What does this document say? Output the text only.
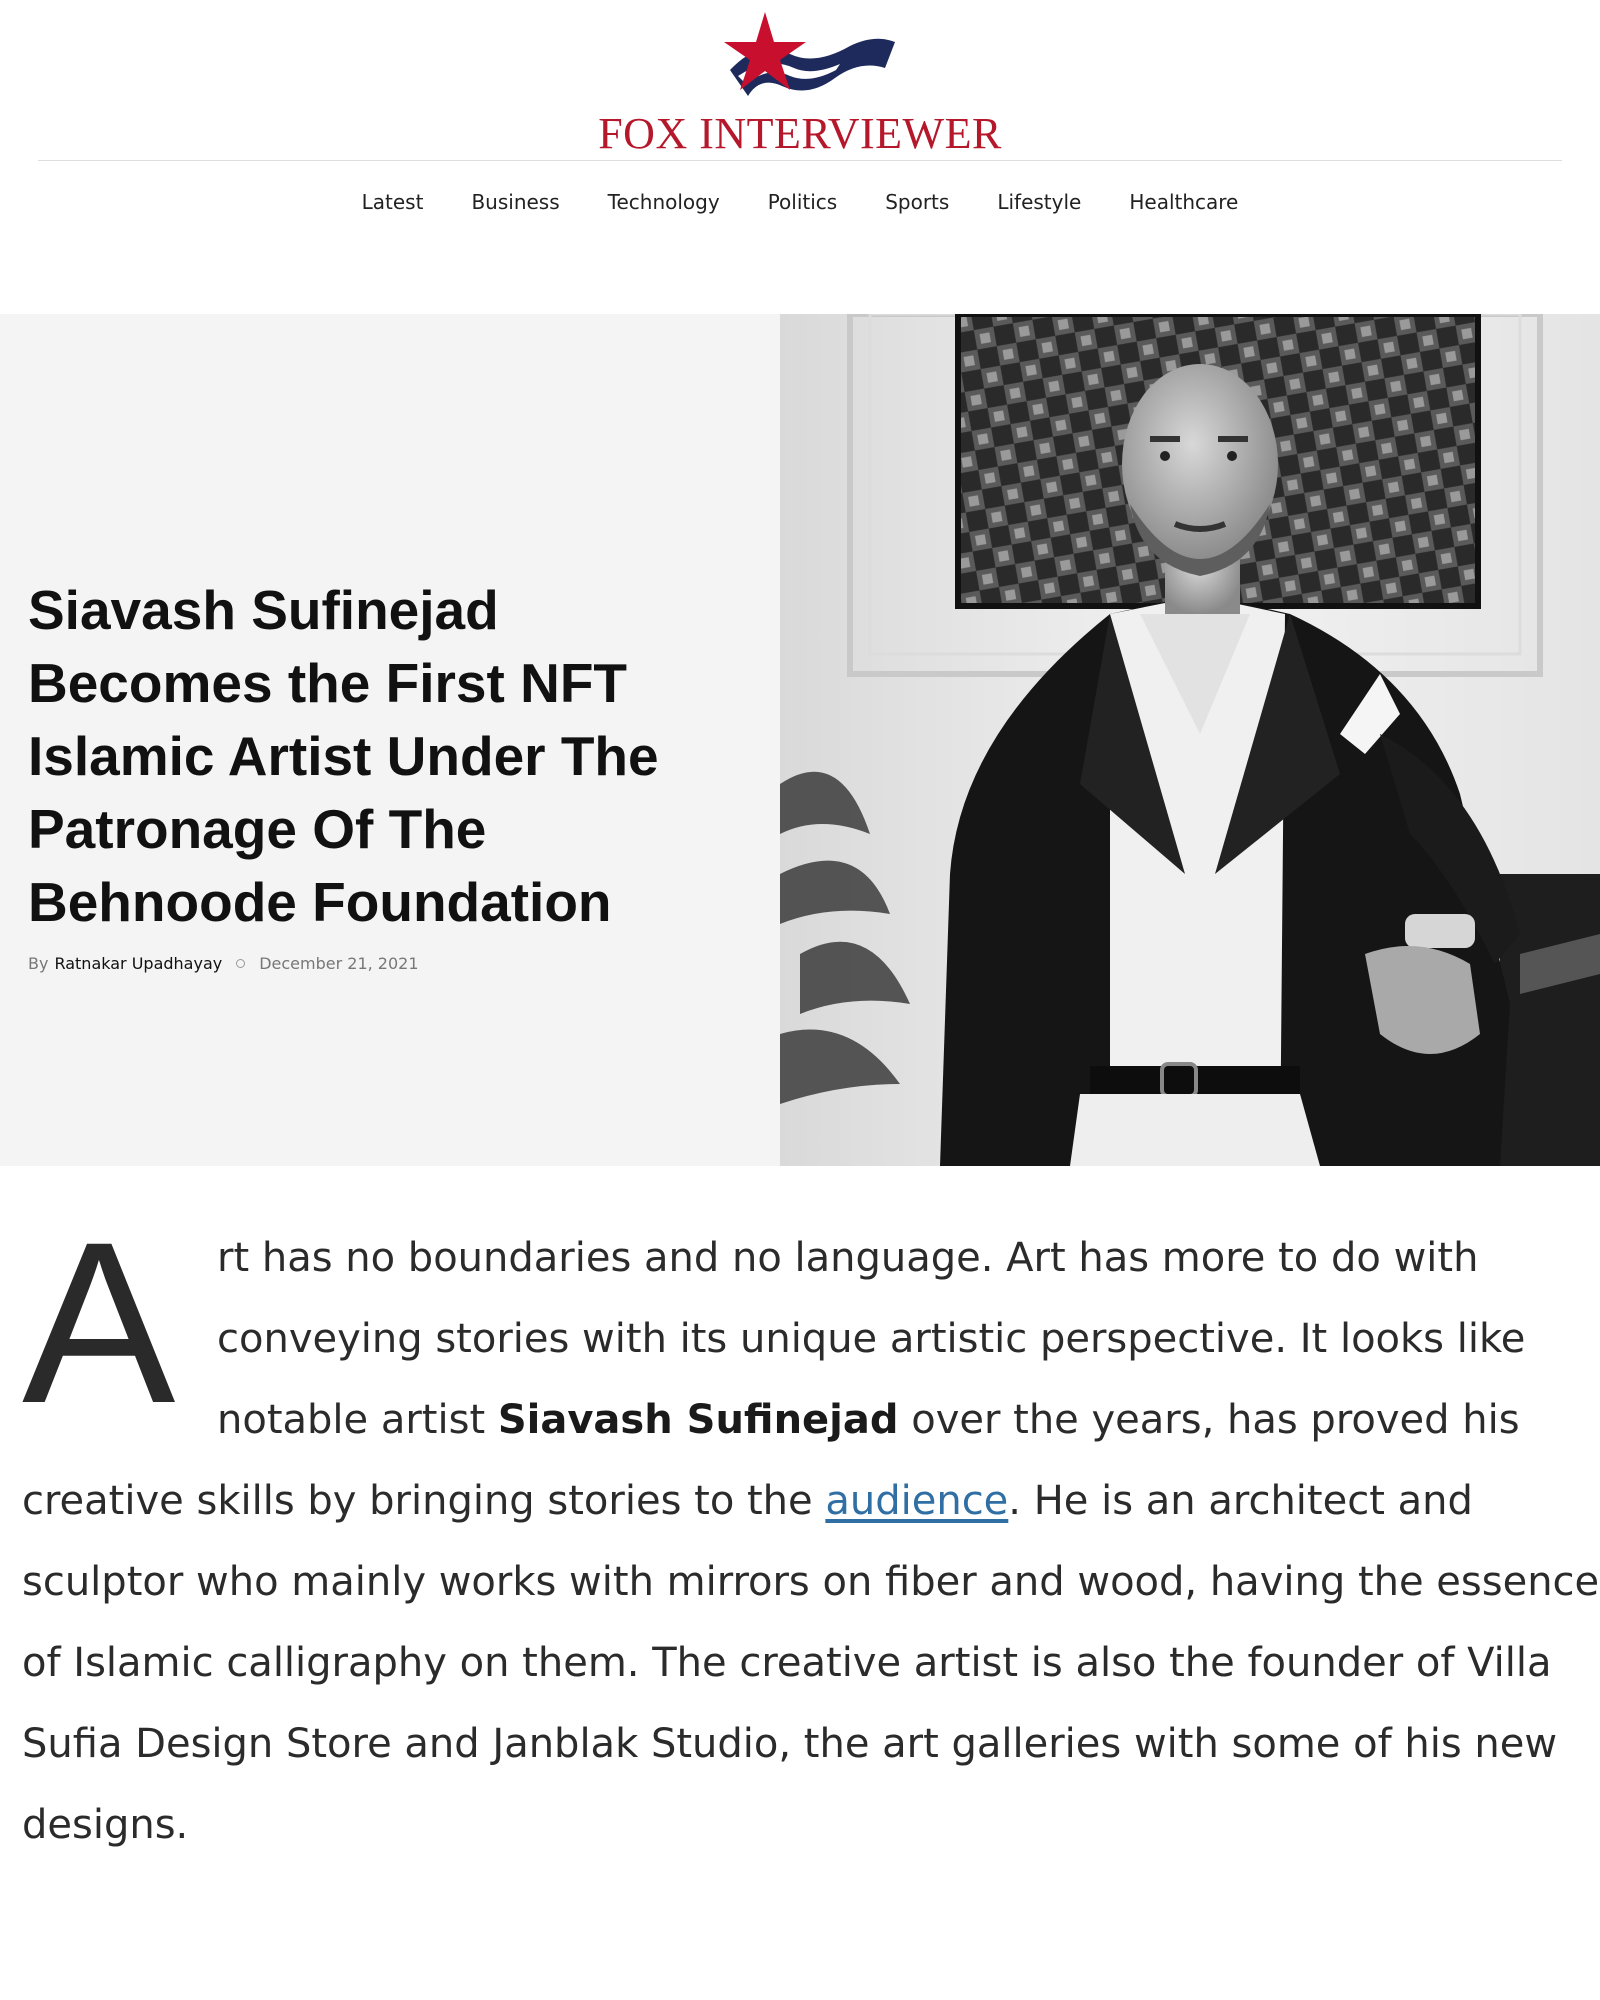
FOX INTERVIEWER
Latest	Business	Technology	Politics	Sports	Lifestyle	Healthcare
Siavash Sufinejad
Becomes the First NFT
Islamic Artist Under The
Patronage Of The
Behnoode Foundation
By Ratnakar Upadhayay December 21, 2021
A	rt has no boundaries and no language. Art has more to do with
conveying stories with its unique artistic perspective. It looks like
notable artist Siavash Sufinejad over the years, has proved his
creative skills by bringing stories to the audience. He is an architect and
sculptor who mainly works with mirrors on fiber and wood, having the essence
of Islamic calligraphy on them. The creative artist is also the founder of Villa
Sufia Design Store and Janblak Studio, the art galleries with some of his new
designs.
